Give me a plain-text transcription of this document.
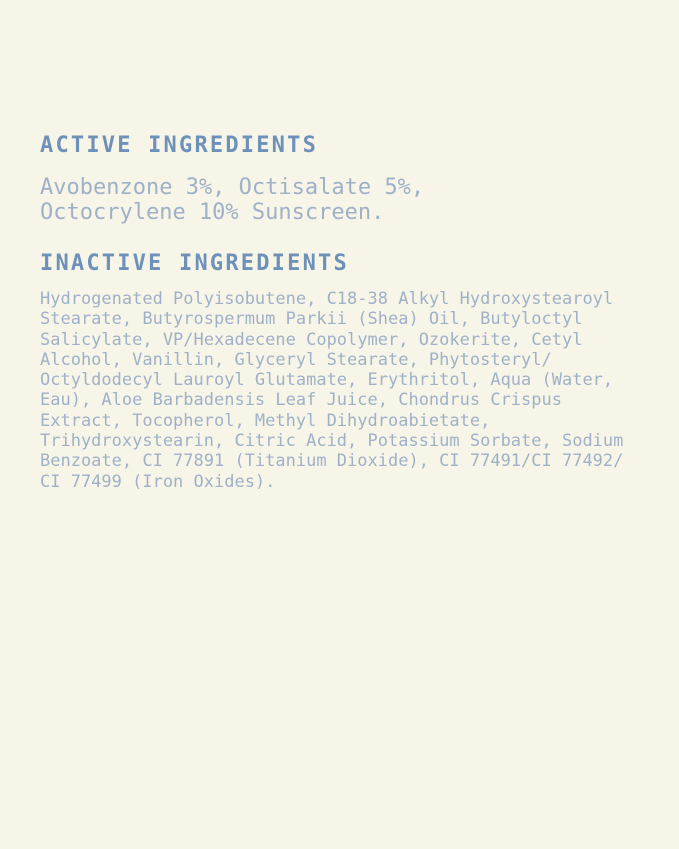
ACTIVE INGREDIENTS
Avobenzone 3%, Octisalate 5%,
Octocrylene 10% Sunscreen.
INACTIVE INGREDIENTS
Hydrogenated Polyisobutene, C18-38 Alkyl Hydroxystearoyl
Stearate, Butyrospermum Parkii (Shea) Oil, Butyloctyl
Salicylate, VP/Hexadecene Copolymer, Ozokerite, Cetyl
Alcohol, Vanillin, Glyceryl Stearate, Phytosteryl/
Octyldodecyl Lauroyl Glutamate, Erythritol, Aqua (Water,
Eau), Aloe Barbadensis Leaf Juice, Chondrus Crispus
Extract, Tocopherol, Methyl Dihydroabietate,
Trihydroxystearin, Citric Acid, Potassium Sorbate, Sodium
Benzoate, CI 77891 (Titanium Dioxide), CI 77491/CI 77492/
CI 77499 (Iron Oxides).
